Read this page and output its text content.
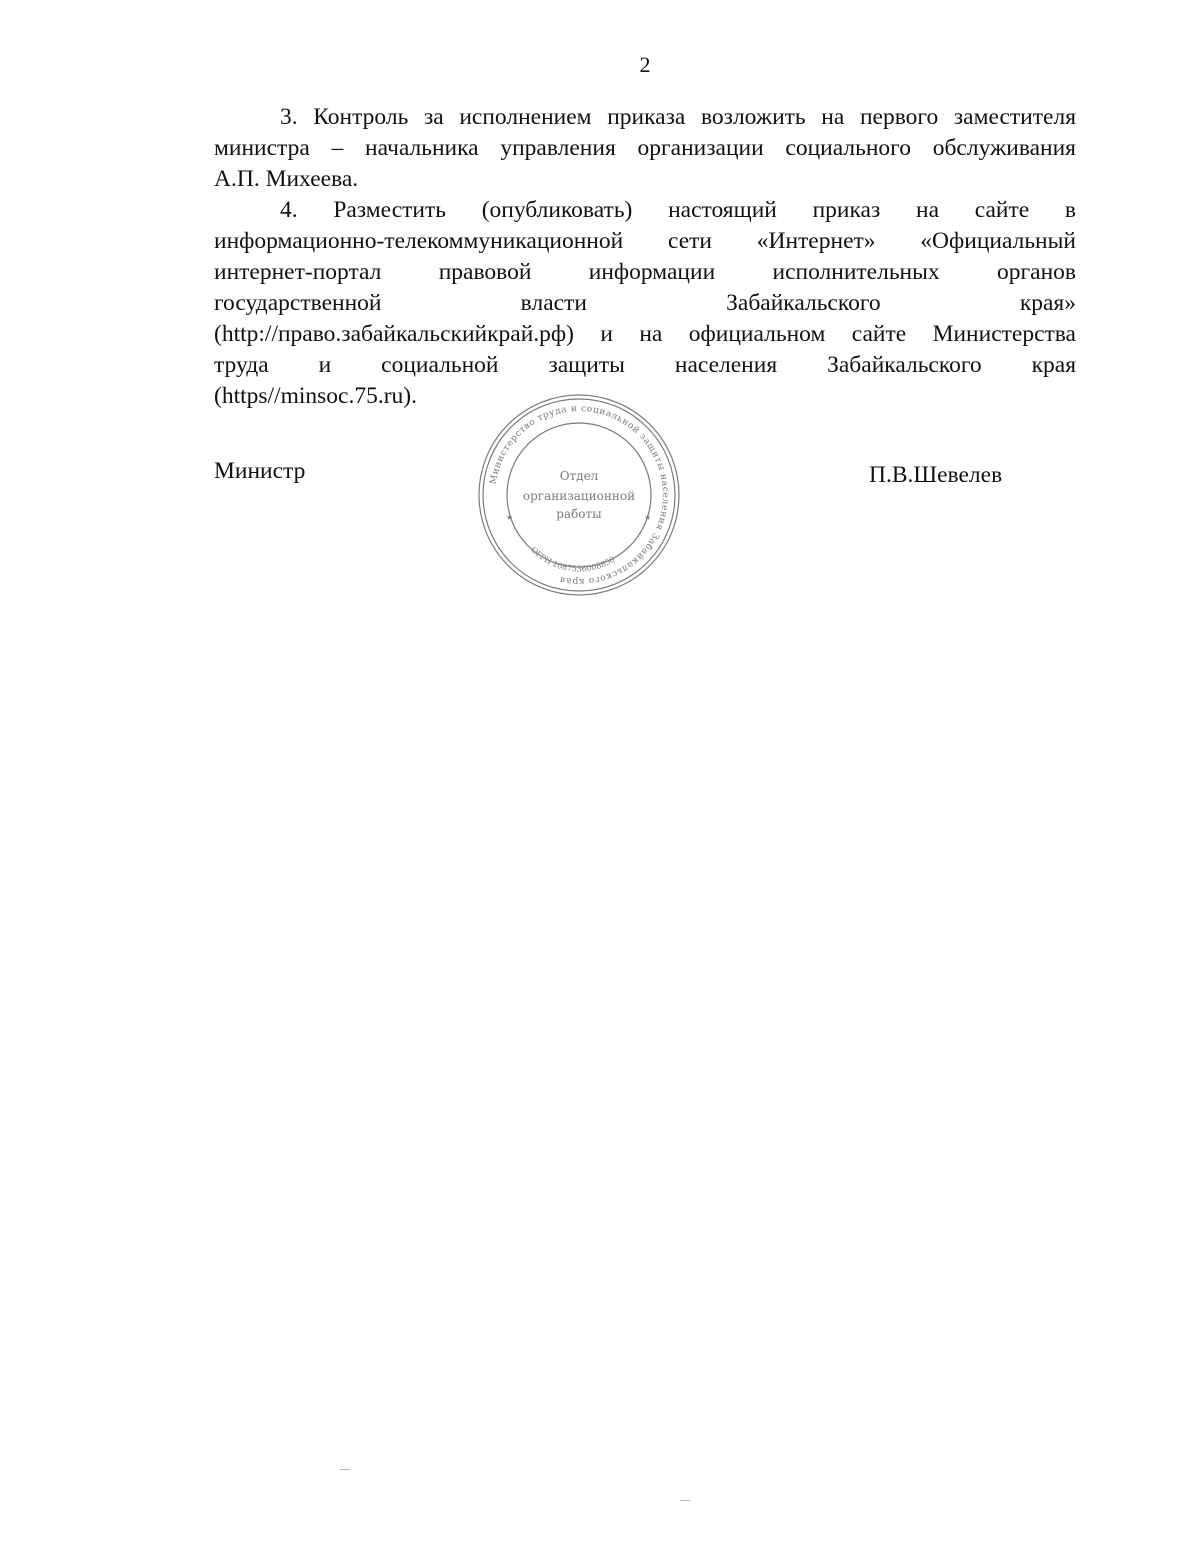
2

3. Контроль за исполнением приказа возложить на первого заместителя
министра – начальника управления организации социального обслуживания
А.П. Михеева.

4. Разместить (опубликовать) настоящий приказ на сайте в
информационно-телекоммуникационной сети «Интернет» «Официальный
интернет-портал правовой информации исполнительных органов
государственной власти Забайкальского края»
(http://право.забайкальскийкрай.рф) и на официальном сайте Министерства
труда и социальной защиты населения Забайкальского края
(https//minsoc.75.ru).

Министр	П.В.Шевелев
Министерство труда и социальной защиты населения Забайкальского края
ОГРН 1087536008850
Отдел
организационной
работы
★	★
